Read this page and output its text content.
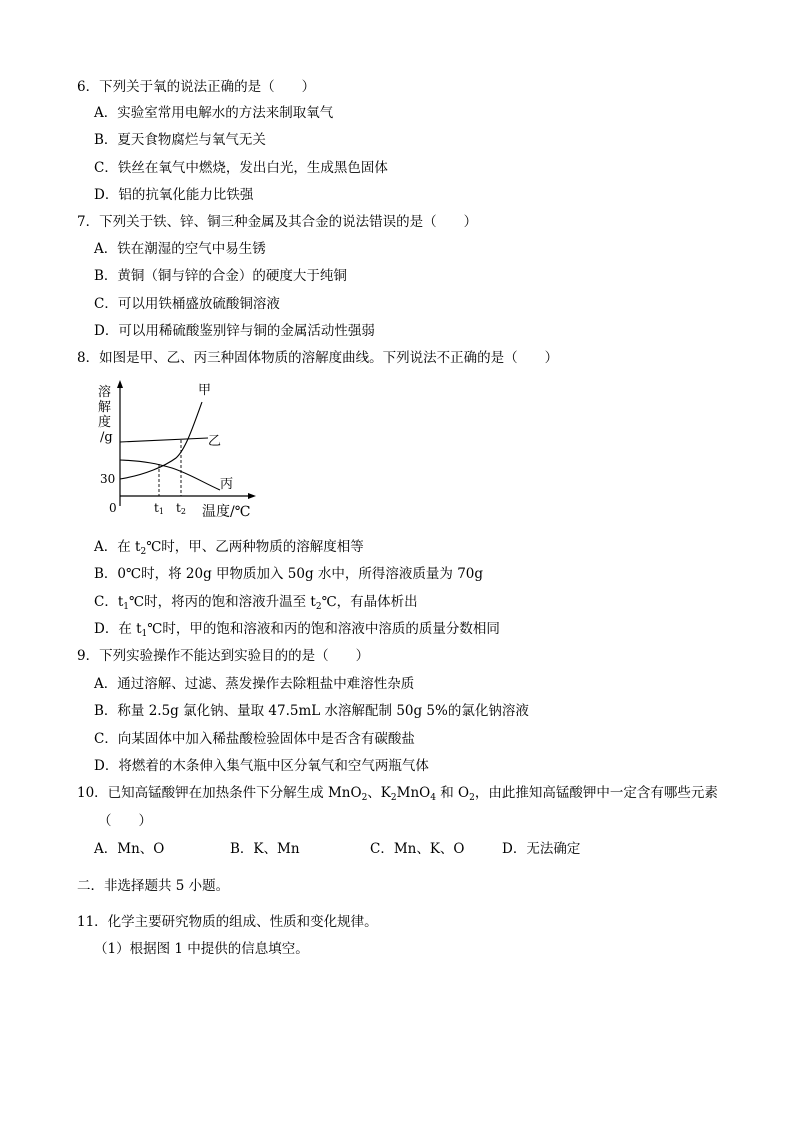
6．下列关于氧的说法正确的是（　　）
A．实验室常用电解水的方法来制取氧气
B．夏天食物腐烂与氧气无关
C．铁丝在氧气中燃烧，发出白光，生成黑色固体
D．铝的抗氧化能力比铁强
7．下列关于铁、锌、铜三种金属及其合金的说法错误的是（　　）
A．铁在潮湿的空气中易生锈
B．黄铜（铜与锌的合金）的硬度大于纯铜
C．可以用铁桶盛放硫酸铜溶液
D．可以用稀硫酸鉴别锌与铜的金属活动性强弱
8．如图是甲、乙、丙三种固体物质的溶解度曲线。下列说法不正确的是（　　）
溶
解
度
/g
30
0
甲
乙
丙
t1 t2 温度/℃
A．在 $t_2℃$时，甲、乙两种物质的溶解度相等
B．0℃时，将 20g 甲物质加入 50g 水中，所得溶液质量为 70g
C．$t_1℃$时，将丙的饱和溶液升温至 $t_2℃$，有晶体析出
D．在 $t_1℃$时，甲的饱和溶液和丙的饱和溶液中溶质的质量分数相同
9．下列实验操作不能达到实验目的的是（　　）
A．通过溶解、过滤、蒸发操作去除粗盐中难溶性杂质
B．称量 2.5g 氯化钠、量取 47.5mL 水溶解配制 50g 5%的氯化钠溶液
C．向某固体中加入稀盐酸检验固体中是否含有碳酸盐
D．将燃着的木条伸入集气瓶中区分氧气和空气两瓶气体
10．已知高锰酸钾在加热条件下分解生成 MnO$_2$、$K_2MnO_4$ 和 $O_2$，由此推知高锰酸钾中一定含有哪些元素
（　　）
A．Mn、O	B．K、Mn	C．Mn、K、O	D．无法确定
二．非选择题共 5 小题。
11．化学主要研究物质的组成、性质和变化规律。
（1）根据图 1 中提供的信息填空。
